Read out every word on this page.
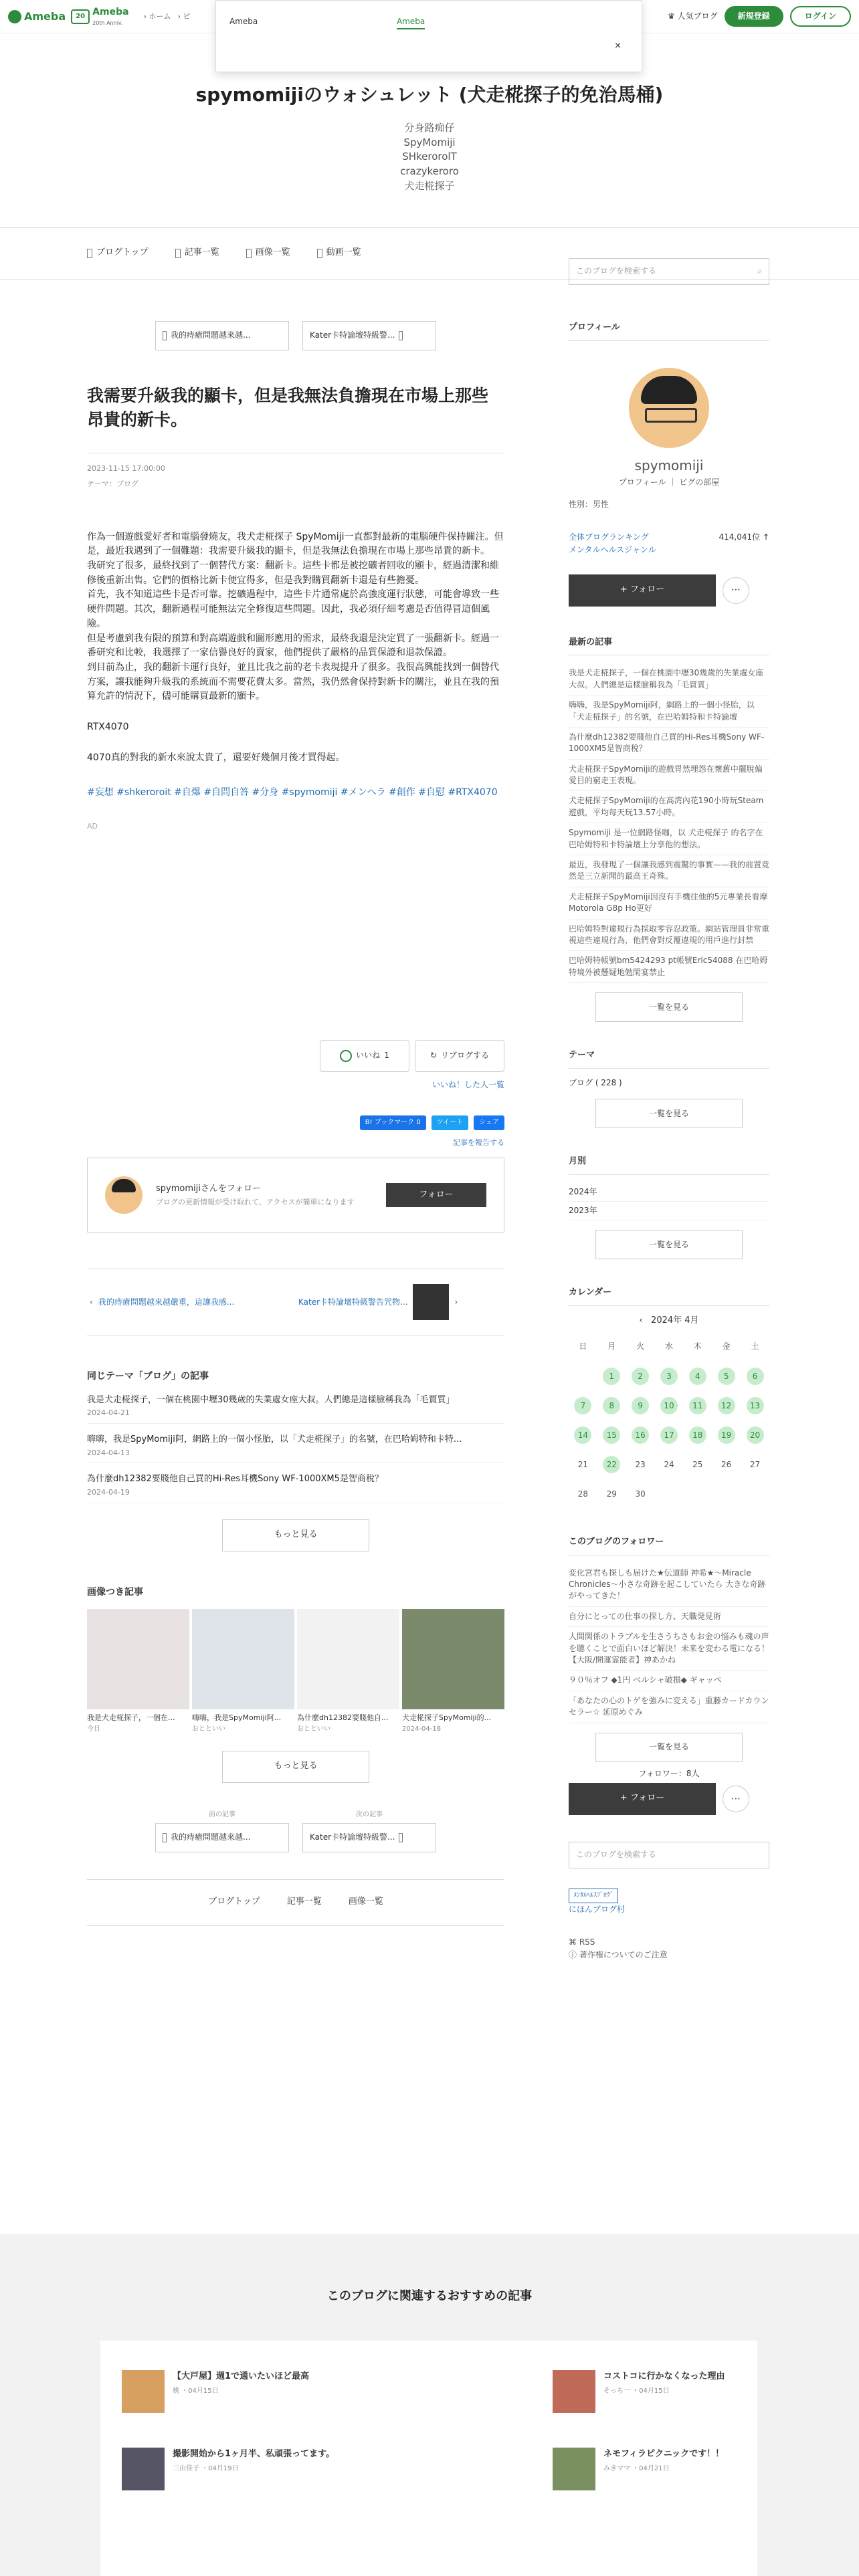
Ameba	20 Ameba
20th Anniv.
› ホーム › ピ	♛ 人気ブログ	新規登録	ログイン
Ameba	Ameba
×
spymomijiのウォシュレット (犬走椛探子的免治馬桶)
分身路痴仔
SpyMomiji
SHkerorolT
crazykeroro
犬走椛探子
ブログトップ	記事一覧	画像一覧	動画一覧
このブログを検索する	⌕
我的痔瘡問題越來越...	Kater卡特論壇特級警...
我需要升級我的顯卡，但是我無法負擔現在市場上那些昂貴的新卡。
2023-11-15 17:00:00
テーマ：ブログ

作為一個遊戲愛好者和電腦發燒友，我犬走椛探子 SpyMomiji一直都對最新的電腦硬件保持關注。但是，最近我遇到了一個難題：我需要升級我的顯卡，但是我無法負擔現在市場上那些昂貴的新卡。

我研究了很多，最終找到了一個替代方案：翻新卡。這些卡都是被挖礦者回收的顯卡，經過清潔和維修後重新出售。它們的價格比新卡便宜得多，但是我對購買翻新卡還是有些擔憂。

首先，我不知道這些卡是否可靠。挖礦過程中，這些卡片通常處於高強度運行狀態，可能會導致一些硬件問題。其次，翻新過程可能無法完全修復這些問題。因此，我必須仔細考慮是否值得冒這個風險。

但是考慮到我有限的預算和對高端遊戲和圖形應用的需求，最終我還是決定買了一張翻新卡。經過一番研究和比較，我選擇了一家信譽良好的賣家，他們提供了嚴格的品質保證和退款保證。

到目前為止，我的翻新卡運行良好，並且比我之前的老卡表現提升了很多。我很高興能找到一個替代方案，讓我能夠升級我的系統而不需要花費太多。當然，我仍然會保持對新卡的關注，並且在我的預算允許的情況下，儘可能購買最新的顯卡。

RTX4070

4070真的對我的新水來說太貴了，還要好幾個月後才買得起。

#妄想 #shkeroroit #自爆 #自問自答 #分身 #spymomiji #メンヘラ #創作 #自慰 #RTX4070
AD
いいね 1	↻ リブログする
いいね！した人一覧
B! ブックマーク 0	ツイート	シェア
記事を報告する
spymomijiさんをフォロー
ブログの更新情報が受け取れて、アクセスが簡単になります
フォロー
‹ 我的痔瘡問題越來越嚴重，這讓我感...	Kater卡特論壇特級警告咒物...	›
同じテーマ「ブログ」の記事
我是犬走椛探子，一個在桃園中壢30幾歲的失業處女座大叔。人們總是這樣臉稱我為「毛賈質」
2024-04-21
嗨嗨，我是SpyMomiji阿，網路上的一個小怪胎，以「犬走椛探子」的名號，在巴哈姆特和卡特...
2024-04-13
為什麼dh12382要賤他自己買的Hi-Res耳機Sony WF-1000XM5是智商稅？
2024-04-19
もっと見る
画像つき記事
我是犬走椛探子，一個在...
今日
嗨嗨，我是SpyMomiji阿...
おとといい
為什麼dh12382要賤他自...
おとといい
犬走椛探子SpyMomiji的...
2024-04-18
もっと見る
前の記事
我的痔瘡問題越來越...
次の記事
Kater卡特論壇特級警...
ブログトップ	記事一覧	画像一覧
プロフィール
spymomiji
プロフィール ｜ ピグの部屋
性別：男性
全体ブログランキング	414,041位 ↑
メンタルヘルスジャンル
+ フォロー	⋯
最新の記事
我是犬走椛探子，一個在桃園中壢30幾歲的失業處女座大叔。人們總是這樣臉稱我為「毛賈質」
嗨嗨，我是SpyMomiji阿，網路上的一個小怪胎，以「犬走椛探子」的名號，在巴哈姆特和卡特論壇
為什麼dh12382要賤他自己買的Hi-Res耳機Sony WF-1000XM5是智商稅？
犬走椛探子SpyMomiji的遊戲胃然埋怨在懷舊中擺脫偏愛目的窮走王表現。
犬走椛探子SpyMomiji的在高湾內花190小時玩Steam遊戲，平均每天玩13.57小時。
Spymomiji 是一位網路怪咖，以 犬走椛探子 的名字在巴哈姆特和卡特論壇上分享他的想法。
最近，我發現了一個讓我感到震驚的事實——我的前置竟然是三立新聞的最高王奇殊。
犬走椛探子SpyMomiji因沒有手機往他的5元專業長看摩Motorola G8p Ho更好
巴哈姆特對違規行為採取零容忍政策。網站管理員非常重視這些違規行為，他們會對反覆違規的用戶進行封禁
巴哈姆特帳號bm5424293 pt帳號Eric54088 在巴哈姆特境外被懸疑地勉閑宴禁止
一覧を見る
テーマ
ブログ ( 228 )
一覧を見る
月別
2024年
2023年
一覧を見る
カレンダー
‹   2024年 4月
日	月	火	水	木	金	土
	1	2	3	4	5	6
7	8	9	10	11	12	13
14	15	16	17	18	19	20
21	22	23	24	25	26	27
28	29	30				
このブログのフォロワー
変化宮君も探しも届けた★伝道師 神希★〜Miracle Chronicles〜小さな奇跡を起こしていたら 大きな奇跡がやってきた！
自分にとっての仕事の探し方、天職発見術
人間関係のトラブルを生さうちさもお金の悩みも魂の声を聴くことで面白いほど解決！未来を変わる電になる！【大阪/開運霊能者】神あかね
９０％オフ ◆1円 ベルシャ破損◆ ギャッペ
「あなたの心のトゲを強みに変える」重藤カードカウンセラー☆ 延原めぐみ
一覧を見る
フォロワー：8人
+ フォロー	⋯
このブログを検索する
ﾒﾝﾀﾙﾍﾙｽﾌﾞﾛｸﾞ
にほんブログ村
⌘ RSS
ⓘ 著作権についてのご注意
このブログに関連するおすすめの記事
【大戸屋】週1で通いたいほど最高
桃 ・04月15日
コストコに行かなくなった理由
そっち一 ・04月15日
撮影開始から1ヶ月半、私頑張ってます。
三由佳子 ・04月19日
ネモフィラピクニックです！！
みきママ ・04月21日
